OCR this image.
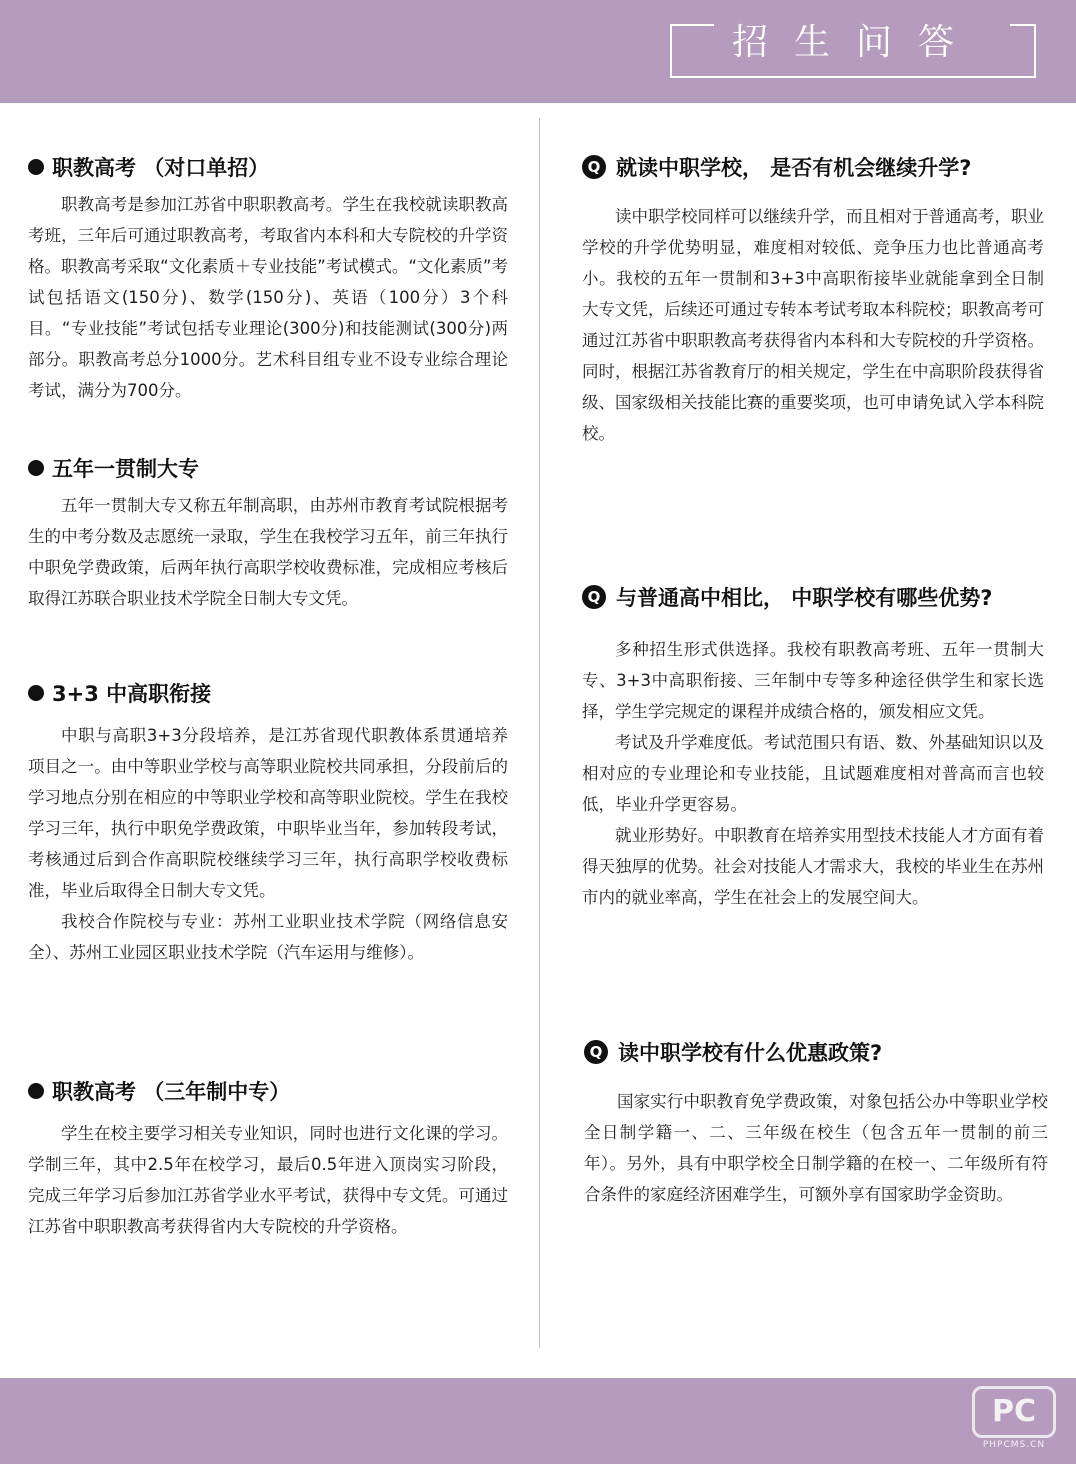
招生问答
职教高考 （对口单招）

职教高考是参加江苏省中职职教高考。学生在我校就读职教高考班，三年后可通过职教高考，考取省内本科和大专院校的升学资格。职教高考采取“文化素质＋专业技能”考试模式。“文化素质”考试包括语文(150分)、数学(150分)、英语（100分）3个科目。“专业技能”考试包括专业理论(300分)和技能测试(300分)两部分。职教高考总分1000分。艺术科目组专业不设专业综合理论考试，满分为700分。

五年一贯制大专

五年一贯制大专又称五年制高职，由苏州市教育考试院根据考生的中考分数及志愿统一录取，学生在我校学习五年，前三年执行中职免学费政策，后两年执行高职学校收费标准，完成相应考核后取得江苏联合职业技术学院全日制大专文凭。

3+3 中高职衔接

中职与高职3+3分段培养，是江苏省现代职教体系贯通培养项目之一。由中等职业学校与高等职业院校共同承担，分段前后的学习地点分别在相应的中等职业学校和高等职业院校。学生在我校学习三年，执行中职免学费政策，中职毕业当年，参加转段考试，考核通过后到合作高职院校继续学习三年，执行高职学校收费标准，毕业后取得全日制大专文凭。

我校合作院校与专业：苏州工业职业技术学院（网络信息安全）、苏州工业园区职业技术学院（汽车运用与维修）。

职教高考 （三年制中专）

学生在校主要学习相关专业知识，同时也进行文化课的学习。学制三年，其中2.5年在校学习，最后0.5年进入顶岗实习阶段，完成三年学习后参加江苏省学业水平考试，获得中专文凭。可通过江苏省中职职教高考获得省内大专院校的升学资格。

Q 就读中职学校， 是否有机会继续升学?

读中职学校同样可以继续升学，而且相对于普通高考，职业学校的升学优势明显，难度相对较低、竞争压力也比普通高考小。我校的五年一贯制和3+3中高职衔接毕业就能拿到全日制大专文凭，后续还可通过专转本考试考取本科院校；职教高考可通过江苏省中职职教高考获得省内本科和大专院校的升学资格。同时，根据江苏省教育厅的相关规定，学生在中高职阶段获得省级、国家级相关技能比赛的重要奖项，也可申请免试入学本科院校。

Q 与普通高中相比， 中职学校有哪些优势?

多种招生形式供选择。我校有职教高考班、五年一贯制大专、3+3中高职衔接、三年制中专等多种途径供学生和家长选择，学生学完规定的课程并成绩合格的，颁发相应文凭。

考试及升学难度低。考试范围只有语、数、外基础知识以及相对应的专业理论和专业技能，且试题难度相对普高而言也较低，毕业升学更容易。

就业形势好。中职教育在培养实用型技术技能人才方面有着得天独厚的优势。社会对技能人才需求大，我校的毕业生在苏州市内的就业率高，学生在社会上的发展空间大。

Q 读中职学校有什么优惠政策?

国家实行中职教育免学费政策，对象包括公办中等职业学校全日制学籍一、二、三年级在校生（包含五年一贯制的前三年）。另外，具有中职学校全日制学籍的在校一、二年级所有符合条件的家庭经济困难学生，可额外享有国家助学金资助。

PC
PHPCMS.CN
